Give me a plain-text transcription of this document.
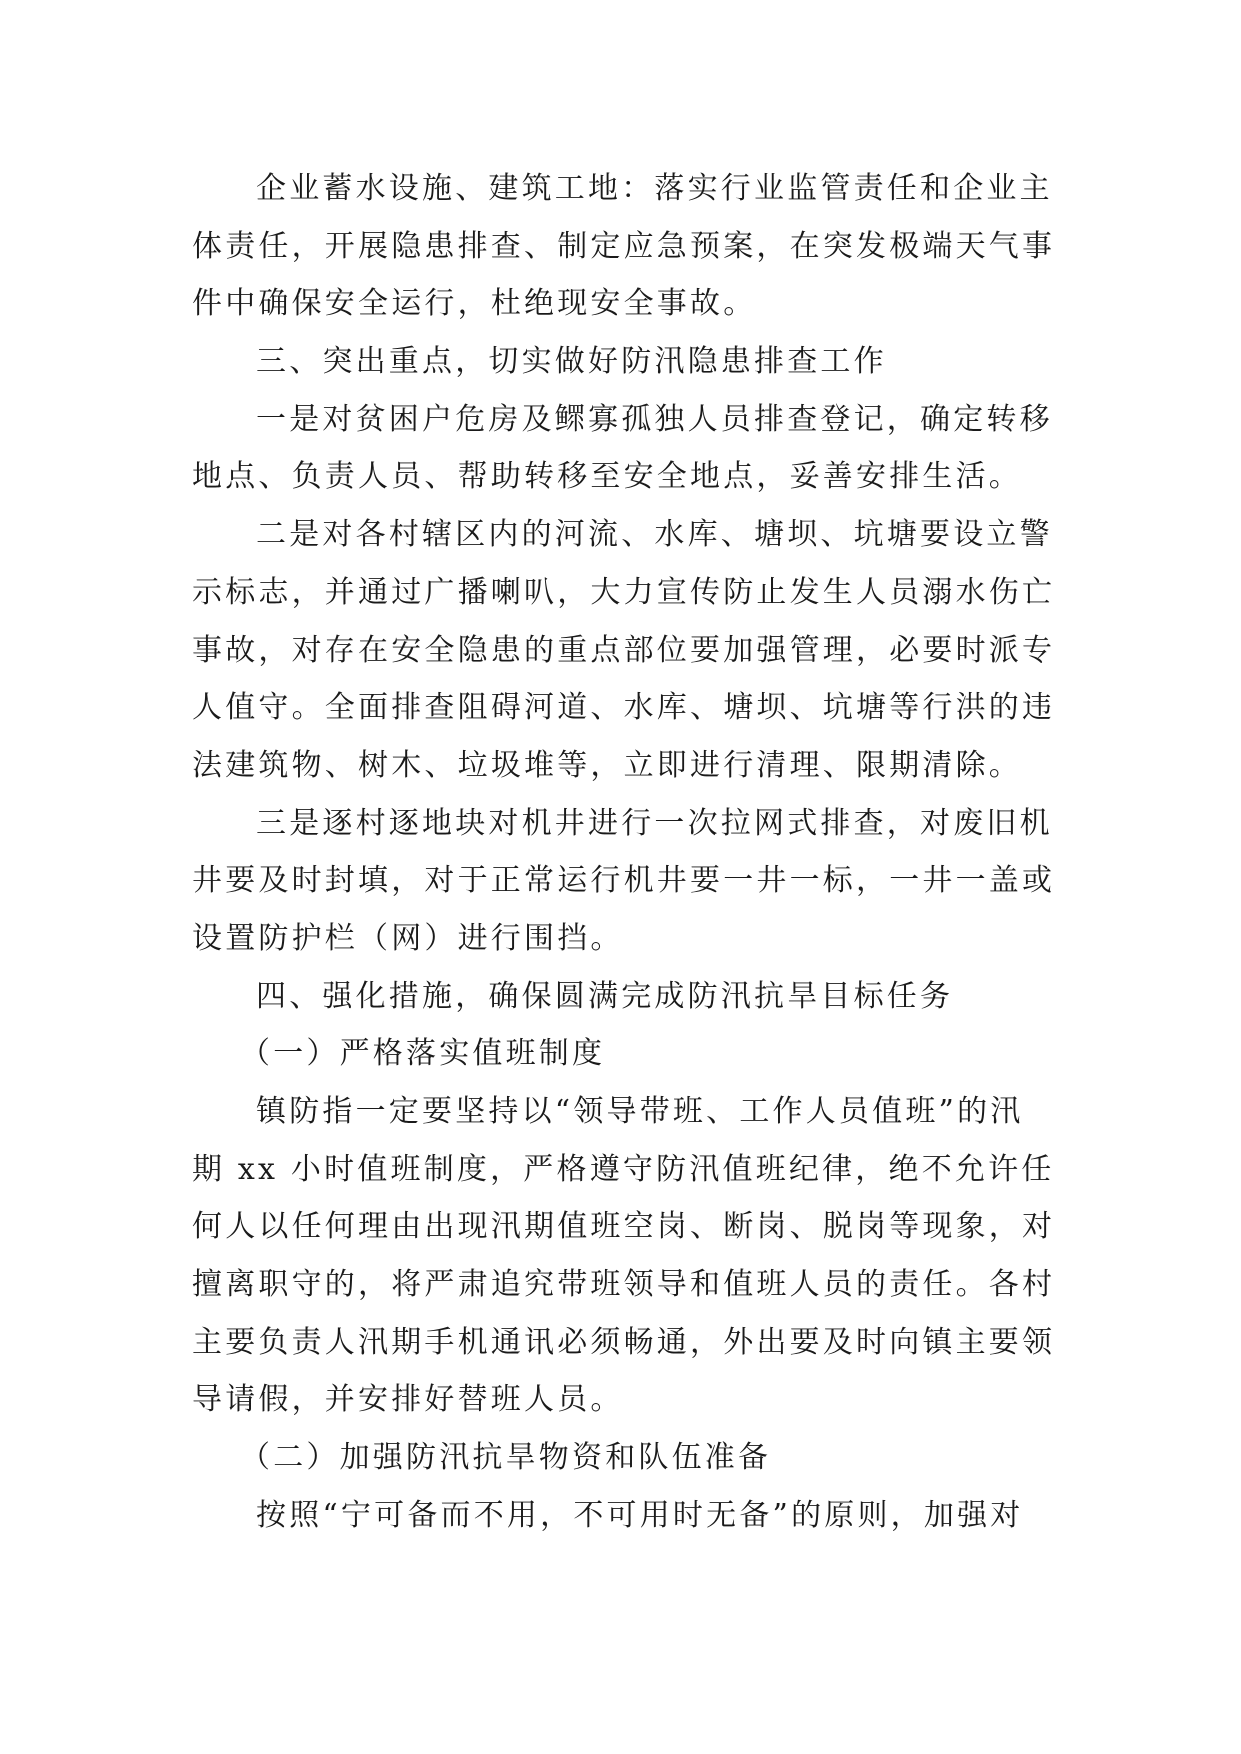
企业蓄水设施、建筑工地：落实行业监管责任和企业主
体责任，开展隐患排查、制定应急预案，在突发极端天气事
件中确保安全运行，杜绝现安全事故。
三、突出重点，切实做好防汛隐患排查工作
一是对贫困户危房及鳏寡孤独人员排查登记，确定转移
地点、负责人员、帮助转移至安全地点，妥善安排生活。
二是对各村辖区内的河流、水库、塘坝、坑塘要设立警
示标志，并通过广播喇叭，大力宣传防止发生人员溺水伤亡
事故，对存在安全隐患的重点部位要加强管理，必要时派专
人值守。全面排查阻碍河道、水库、塘坝、坑塘等行洪的违
法建筑物、树木、垃圾堆等，立即进行清理、限期清除。
三是逐村逐地块对机井进行一次拉网式排查，对废旧机
井要及时封填，对于正常运行机井要一井一标，一井一盖或
设置防护栏（网）进行围挡。
四、强化措施，确保圆满完成防汛抗旱目标任务
（一）严格落实值班制度
镇防指一定要坚持以“领导带班、工作人员值班”的汛
期 xx 小时值班制度，严格遵守防汛值班纪律，绝不允许任
何人以任何理由出现汛期值班空岗、断岗、脱岗等现象，对
擅离职守的，将严肃追究带班领导和值班人员的责任。各村
主要负责人汛期手机通讯必须畅通，外出要及时向镇主要领
导请假，并安排好替班人员。
（二）加强防汛抗旱物资和队伍准备
按照“宁可备而不用，不可用时无备”的原则，加强对
